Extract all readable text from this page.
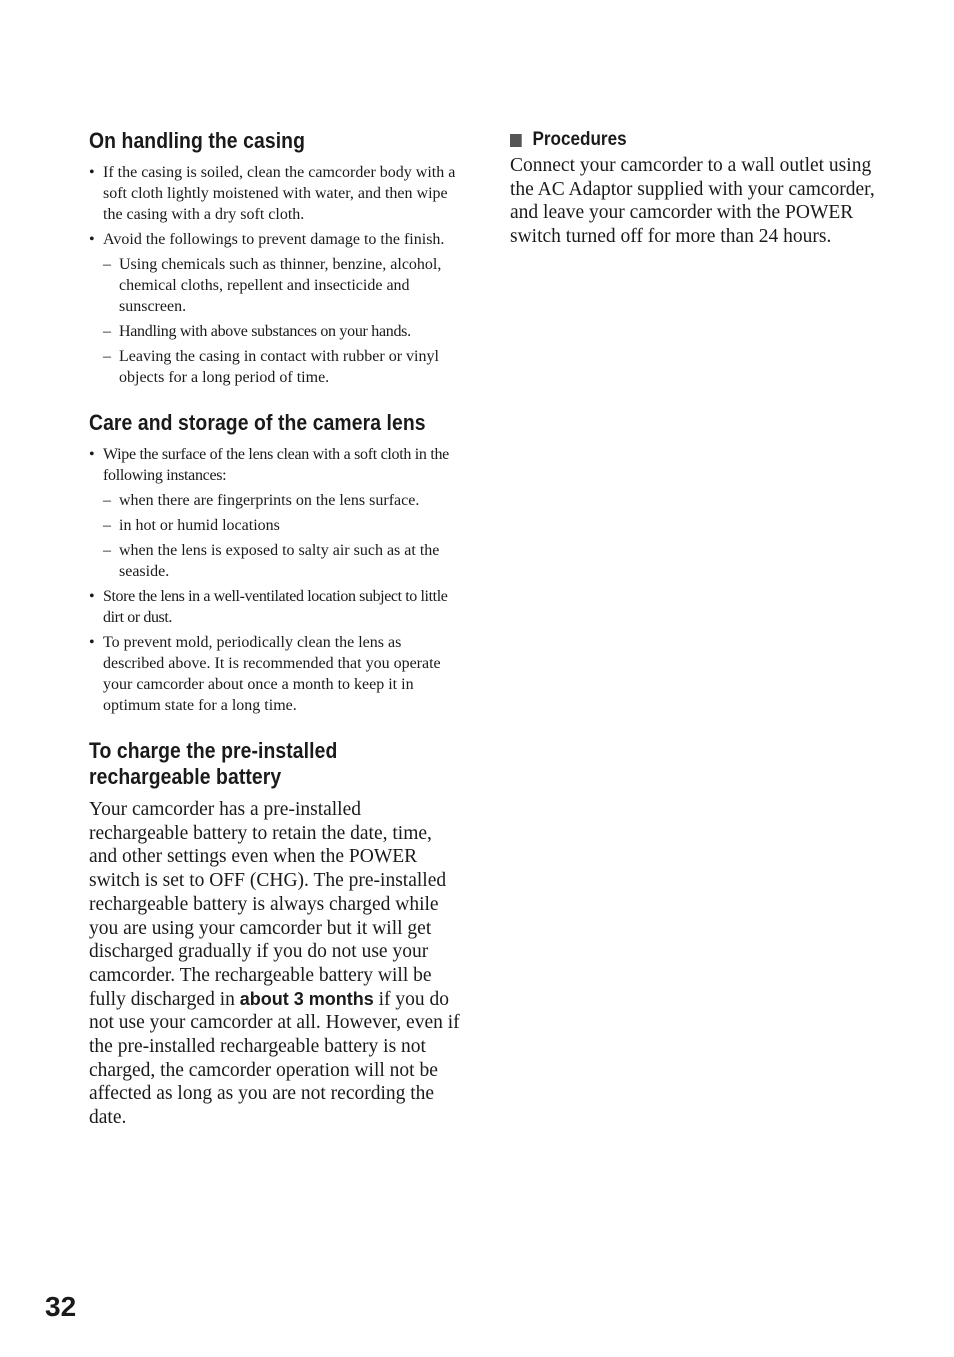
On handling the casing
• If the casing is soiled, clean the camcorder body with a soft cloth lightly moistened with water, and then wipe the casing with a dry soft cloth.
• Avoid the followings to prevent damage to the finish.
– Using chemicals such as thinner, benzine, alcohol, chemical cloths, repellent and insecticide and sunscreen.
– Handling with above substances on your hands.
– Leaving the casing in contact with rubber or vinyl objects for a long period of time.
Care and storage of the camera lens
• Wipe the surface of the lens clean with a soft cloth in the following instances:
– when there are fingerprints on the lens surface.
– in hot or humid locations
– when the lens is exposed to salty air such as at the seaside.
• Store the lens in a well-ventilated location subject to little dirt or dust.
• To prevent mold, periodically clean the lens as described above. It is recommended that you operate your camcorder about once a month to keep it in optimum state for a long time.
To charge the pre-installed
rechargeable battery

Your camcorder has a pre-installed rechargeable battery to retain the date, time, and other settings even when the POWER switch is set to OFF (CHG). The pre-installed rechargeable battery is always charged while you are using your camcorder but it will get discharged gradually if you do not use your camcorder. The rechargeable battery will be fully discharged in about 3 months if you do not use your camcorder at all. However, even if the pre-installed rechargeable battery is not charged, the camcorder operation will not be affected as long as you are not recording the date.

Procedures

Connect your camcorder to a wall outlet using the AC Adaptor supplied with your camcorder, and leave your camcorder with the POWER switch turned off for more than 24 hours.

32
